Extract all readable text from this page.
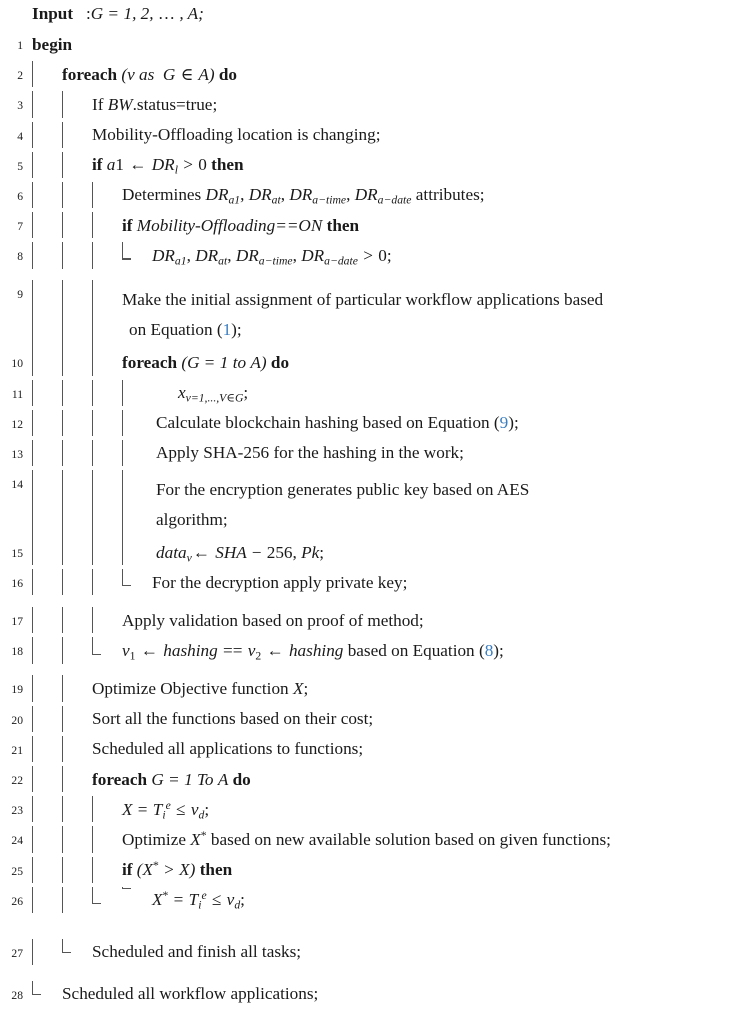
Input :G = 1, 2, … , A;
1 begin
2	foreach (v as G ∈ A) do
3	If BW.status=true;
4	Mobility-Offloading location is changing;
5	if a1 ← $DR_l > 0$ then
6	Determines $DR_{a1}$, $DR_{at}$, $DR_{a-time}$, $DR_{a-date}$ attributes;
7	if Mobility-Offloading==ON then
8	$DR_{a1}$, $DR_{at}$, $DR_{a-time}$, $DR_{a-date} > 0$;
9	Make the initial assignment of particular workflow applications based
on Equation (1);
10	foreach (G = 1 to A) do
11	$x_{v=1,...,V\in G}$;
12	Calculate blockchain hashing based on Equation (9);
13	Apply SHA-256 for the hashing in the work;
14	For the encryption generates public key based on AES
algorithm;
15	data$_v$← SHA − 256, Pk;
16	For the decryption apply private key;
17	Apply validation based on proof of method;
18	$v_1$ ← hashing == $v_2$ ← hashing based on Equation (8);
19	Optimize Objective function X;
20	Sort all the functions based on their cost;
21	Scheduled all applications to functions;
22	foreach G = 1 To A do
23	$X = T_i^e \le v_d$;
24	Optimize X* based on new available solution based on given functions;
25	if (X* > X) then
26	$X^* = T_i^e \le v_d$;
27	Scheduled and finish all tasks;
28	Scheduled all workflow applications;
